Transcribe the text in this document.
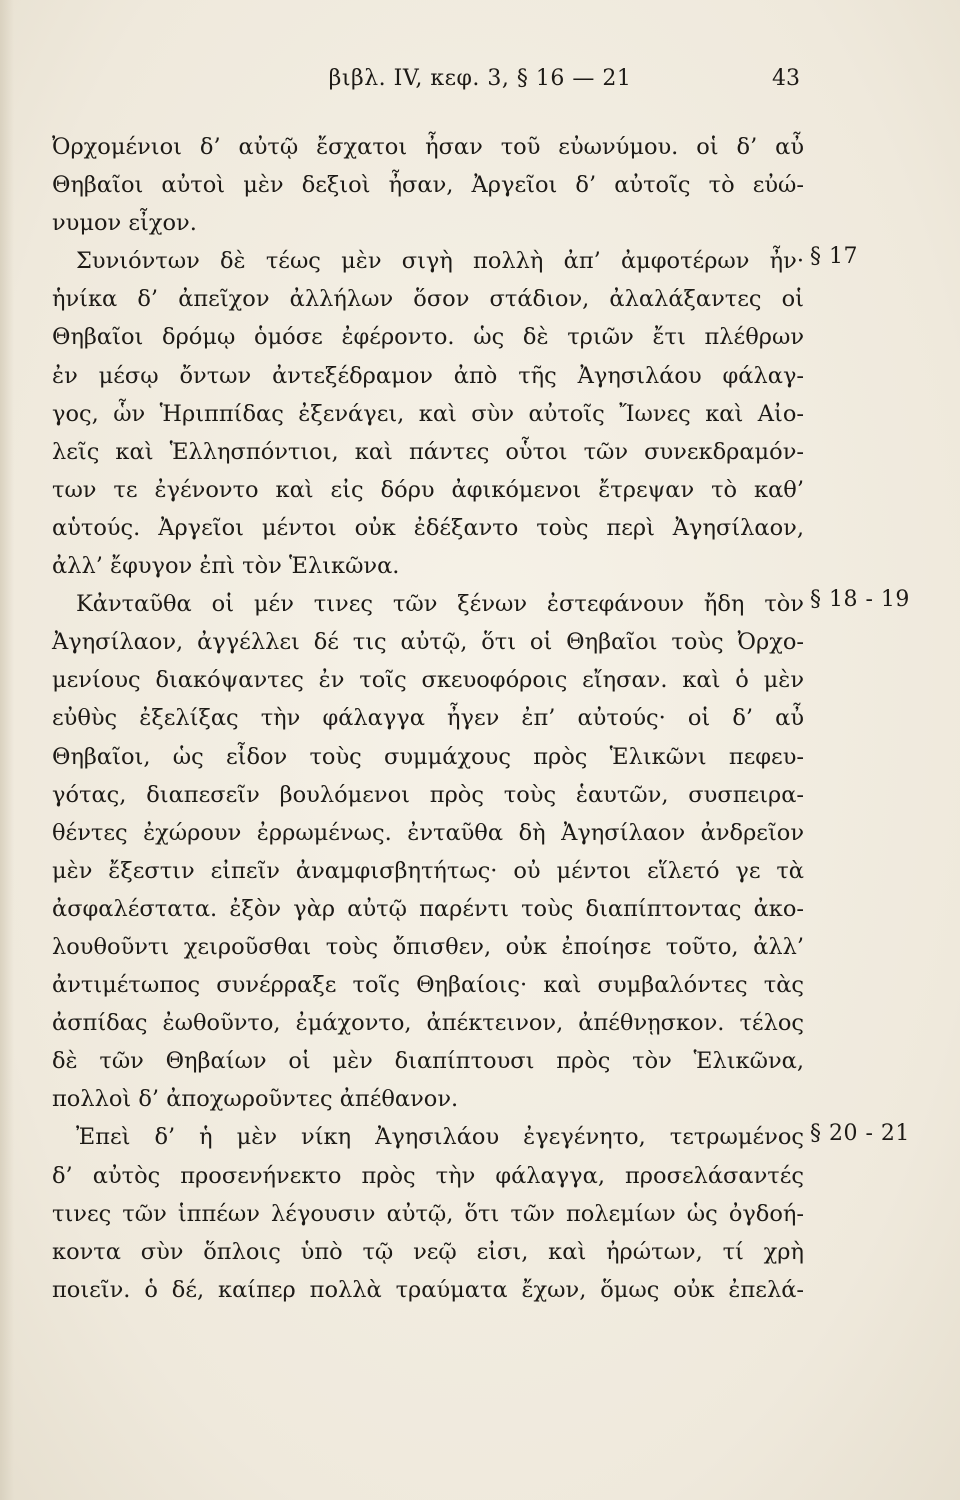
βιβλ. IV, κεφ. 3, § 16 — 21	43
Ὀρχομένιοι δ’ αὐτῷ ἔσχατοι ἦσαν τοῦ εὐωνύμου. οἱ δ’ αὖ
Θηβαῖοι αὐτοὶ μὲν δεξιοὶ ἦσαν, Ἀργεῖοι δ’ αὐτοῖς τὸ εὐώ-
νυμον εἶχον.
Συνιόντων δὲ τέως μὲν σιγὴ πολλὴ ἀπ’ ἀμφοτέρων ἦν·
ἡνίκα δ’ ἀπεῖχον ἀλλήλων ὅσον στάδιον, ἀλαλάξαντες οἱ
Θηβαῖοι δρόμῳ ὁμόσε ἐφέροντο. ὡς δὲ τριῶν ἔτι πλέθρων
ἐν μέσῳ ὄντων ἀντεξέδραμον ἀπὸ τῆς Ἀγησιλάου φάλαγ-
γος, ὧν Ἡριππίδας ἐξενάγει, καὶ σὺν αὐτοῖς Ἴωνες καὶ Αἰο-
λεῖς καὶ Ἑλλησπόντιοι, καὶ πάντες οὗτοι τῶν συνεκδραμόν-
των τε ἐγένοντο καὶ εἰς δόρυ ἀφικόμενοι ἔτρεψαν τὸ καθ’
αὑτούς. Ἀργεῖοι μέντοι οὐκ ἐδέξαντο τοὺς περὶ Ἀγησίλαον,
ἀλλ’ ἔφυγον ἐπὶ τὸν Ἑλικῶνα.
Κἀνταῦθα οἱ μέν τινες τῶν ξένων ἐστεφάνουν ἤδη τὸν
Ἀγησίλαον, ἀγγέλλει δέ τις αὐτῷ, ὅτι οἱ Θηβαῖοι τοὺς Ὀρχο-
μενίους διακόψαντες ἐν τοῖς σκευοφόροις εἴησαν. καὶ ὁ μὲν
εὐθὺς ἐξελίξας τὴν φάλαγγα ἦγεν ἐπ’ αὐτούς· οἱ δ’ αὖ
Θηβαῖοι, ὡς εἶδον τοὺς συμμάχους πρὸς Ἑλικῶνι πεφευ-
γότας, διαπεσεῖν βουλόμενοι πρὸς τοὺς ἑαυτῶν, συσπειρα-
θέντες ἐχώρουν ἐρρωμένως. ἐνταῦθα δὴ Ἀγησίλαον ἀνδρεῖον
μὲν ἔξεστιν εἰπεῖν ἀναμφισβητήτως· οὐ μέντοι εἵλετό γε τὰ
ἀσφαλέστατα. ἐξὸν γὰρ αὐτῷ παρέντι τοὺς διαπίπτοντας ἀκο-
λουθοῦντι χειροῦσθαι τοὺς ὄπισθεν, οὐκ ἐποίησε τοῦτο, ἀλλ’
ἀντιμέτωπος συνέρραξε τοῖς Θηβαίοις· καὶ συμβαλόντες τὰς
ἀσπίδας ἐωθοῦντο, ἐμάχοντο, ἀπέκτεινον, ἀπέθνῃσκον. τέλος
δὲ τῶν Θηβαίων οἱ μὲν διαπίπτουσι πρὸς τὸν Ἑλικῶνα,
πολλοὶ δ’ ἀποχωροῦντες ἀπέθανον.
Ἐπεὶ δ’ ἡ μὲν νίκη Ἀγησιλάου ἐγεγένητο, τετρωμένος
δ’ αὐτὸς προσενήνεκτο πρὸς τὴν φάλαγγα, προσελάσαντές
τινες τῶν ἱππέων λέγουσιν αὐτῷ, ὅτι τῶν πολεμίων ὡς ὀγδοή-
κοντα σὺν ὅπλοις ὑπὸ τῷ νεῷ εἰσι, καὶ ἠρώτων, τί χρὴ
ποιεῖν. ὁ δέ, καίπερ πολλὰ τραύματα ἔχων, ὅμως οὐκ ἐπελά-
§ 17
§ 18 - 19
§ 20 - 21
